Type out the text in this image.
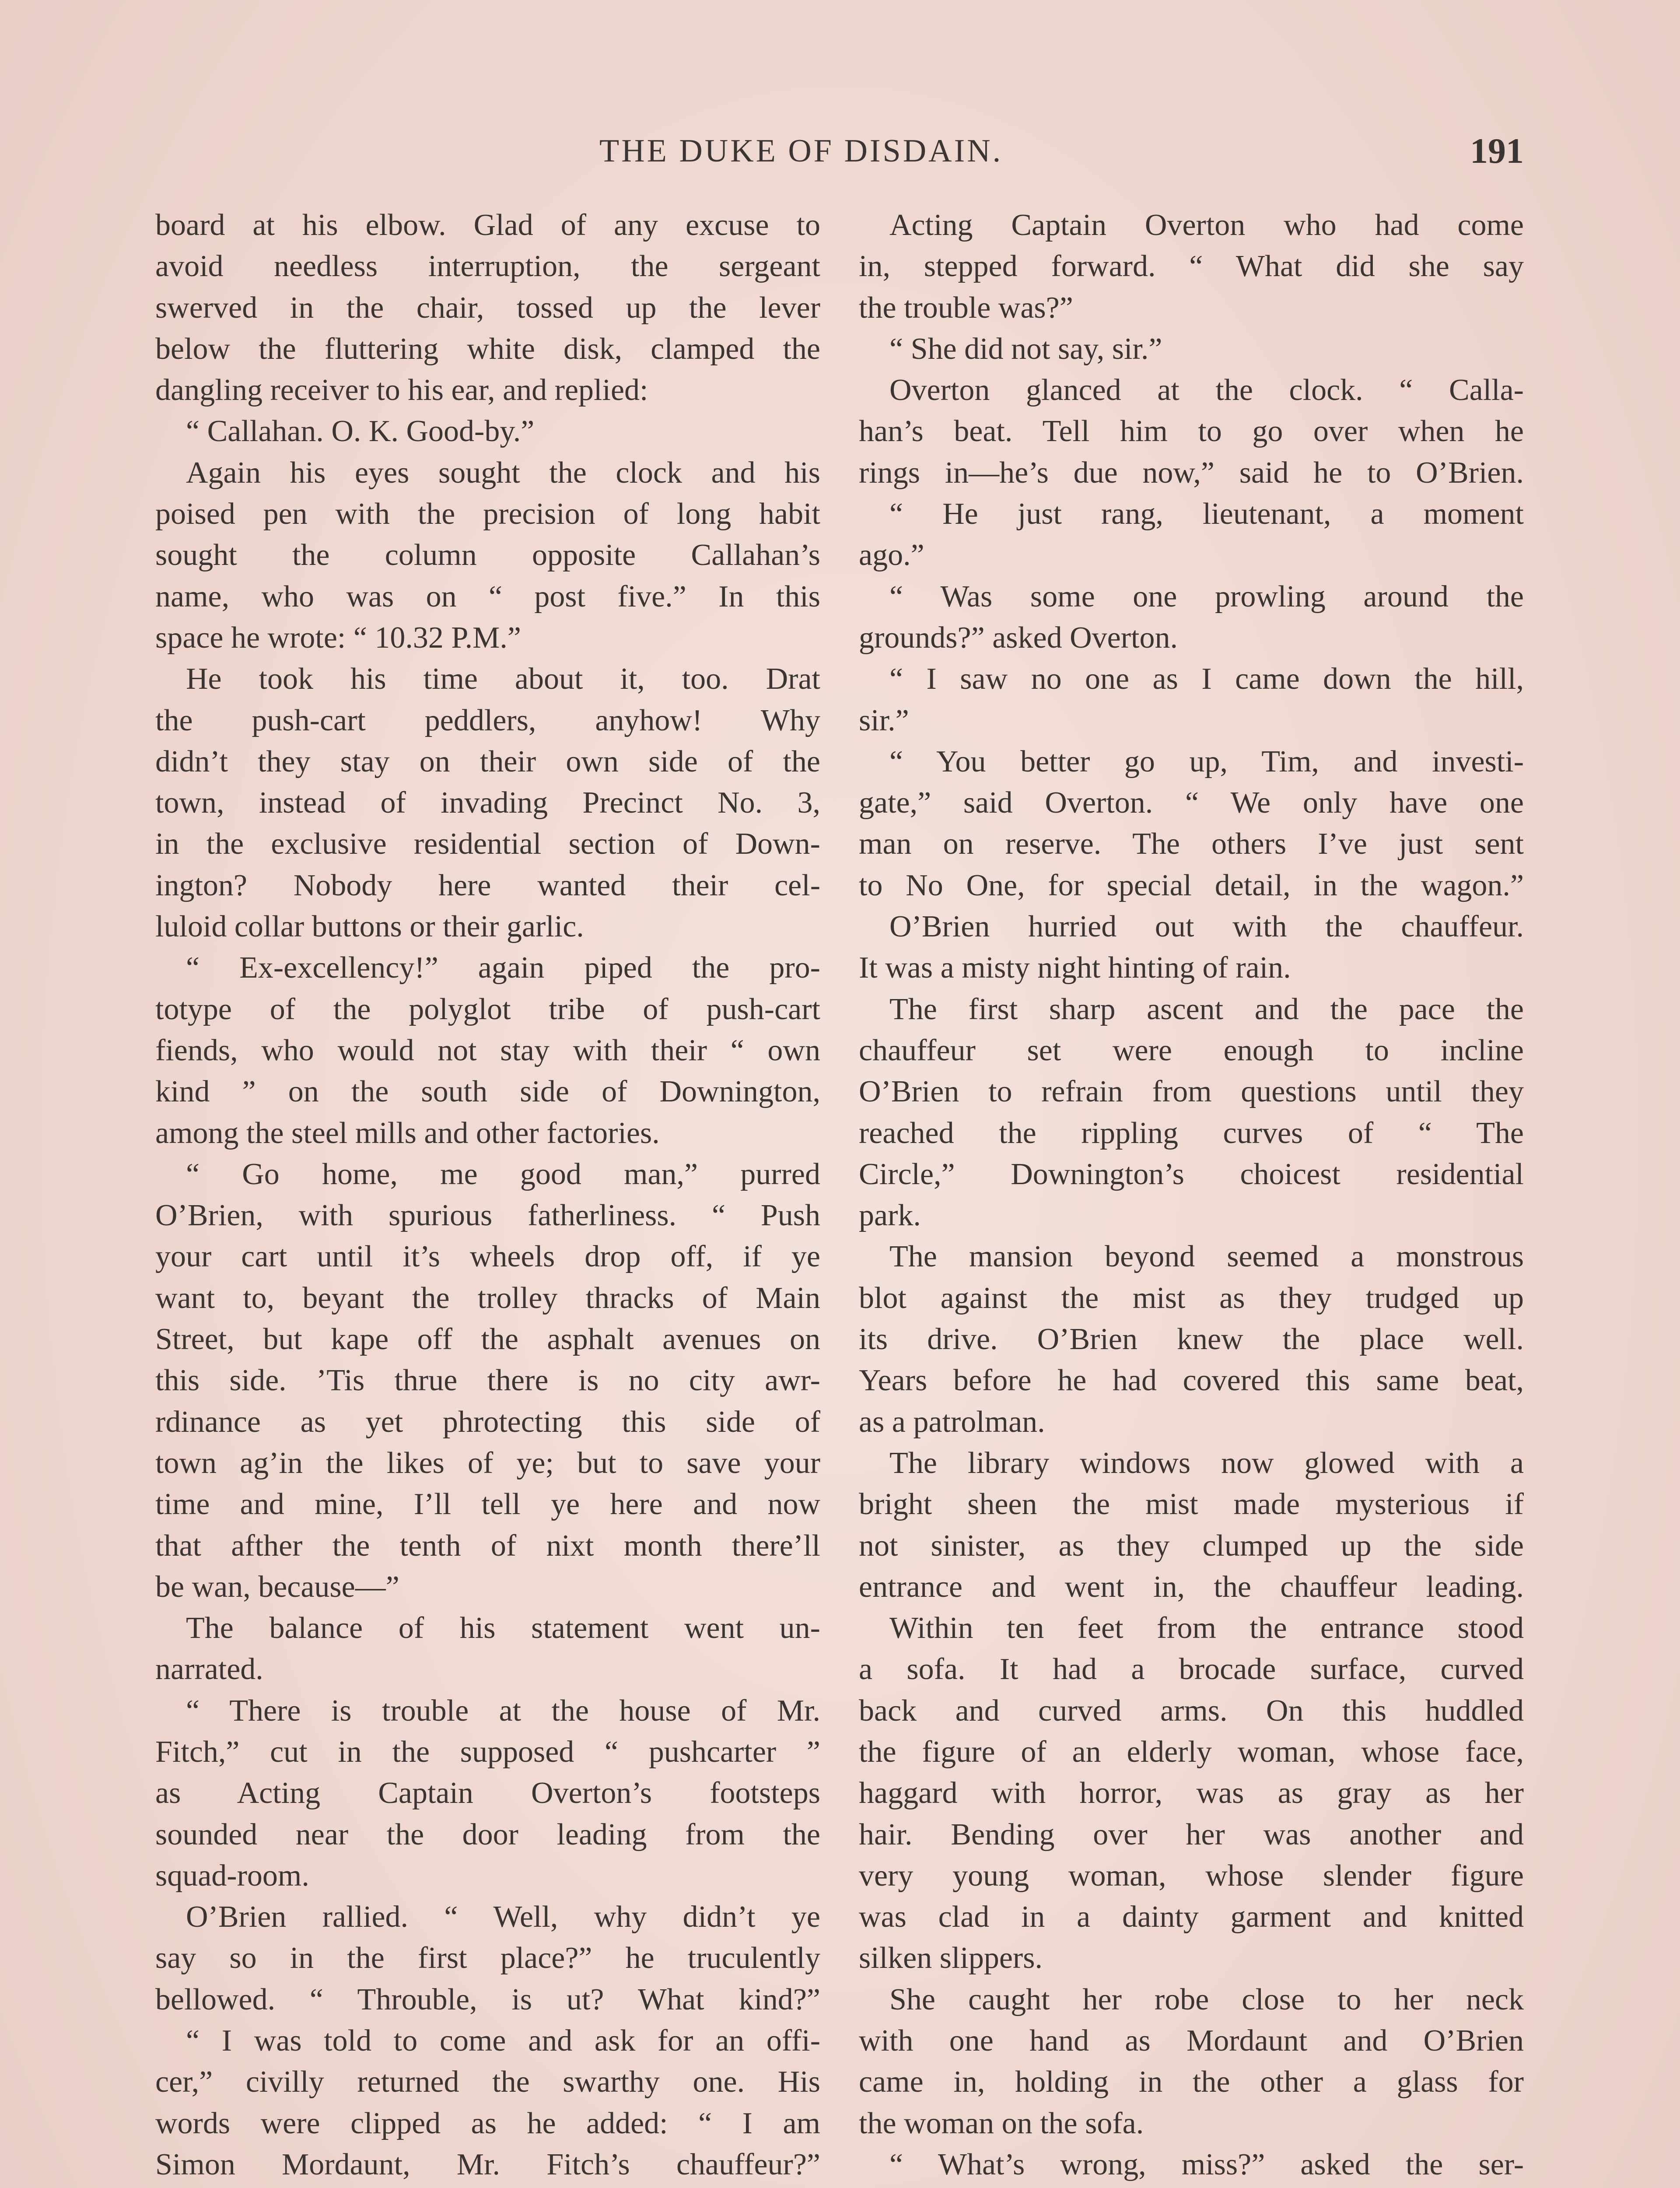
THE DUKE OF DISDAIN.	191
board at his elbow. Glad of any excuse to
avoid needless interruption, the sergeant
swerved in the chair, tossed up the lever
below the fluttering white disk, clamped the
dangling receiver to his ear, and replied:
“ Callahan. O. K. Good-by.”
Again his eyes sought the clock and his
poised pen with the precision of long habit
sought the column opposite Callahan’s
name, who was on “ post five.” In this
space he wrote: “ 10.32 P.M.”
He took his time about it, too. Drat
the push-cart peddlers, anyhow! Why
didn’t they stay on their own side of the
town, instead of invading Precinct No. 3,
in the exclusive residential section of Down-
ington? Nobody here wanted their cel-
luloid collar buttons or their garlic.
“ Ex-excellency!” again piped the pro-
totype of the polyglot tribe of push-cart
fiends, who would not stay with their “ own
kind ” on the south side of Downington,
among the steel mills and other factories.
“ Go home, me good man,” purred
O’Brien, with spurious fatherliness. “ Push
your cart until it’s wheels drop off, if ye
want to, beyant the trolley thracks of Main
Street, but kape off the asphalt avenues on
this side. ’Tis thrue there is no city awr-
rdinance as yet phrotecting this side of
town ag’in the likes of ye; but to save your
time and mine, I’ll tell ye here and now
that afther the tenth of nixt month there’ll
be wan, because—”
The balance of his statement went un-
narrated.
“ There is trouble at the house of Mr.
Fitch,” cut in the supposed “ pushcarter ”
as Acting Captain Overton’s footsteps
sounded near the door leading from the
squad-room.
O’Brien rallied. “ Well, why didn’t ye
say so in the first place?” he truculently
bellowed. “ Throuble, is ut? What kind?”
“ I was told to come and ask for an offi-
cer,” civilly returned the swarthy one. His
words were clipped as he added: “ I am
Simon Mordaunt, Mr. Fitch’s chauffeur?”
Acting Captain Overton who had come
in, stepped forward. “ What did she say
the trouble was?”
“ She did not say, sir.”
Overton glanced at the clock. “ Calla-
han’s beat. Tell him to go over when he
rings in—he’s due now,” said he to O’Brien.
“ He just rang, lieutenant, a moment
ago.”
“ Was some one prowling around the
grounds?” asked Overton.
“ I saw no one as I came down the hill,
sir.”
“ You better go up, Tim, and investi-
gate,” said Overton. “ We only have one
man on reserve. The others I’ve just sent
to No One, for special detail, in the wagon.”
O’Brien hurried out with the chauffeur.
It was a misty night hinting of rain.
The first sharp ascent and the pace the
chauffeur set were enough to incline
O’Brien to refrain from questions until they
reached the rippling curves of “ The
Circle,” Downington’s choicest residential
park.
The mansion beyond seemed a monstrous
blot against the mist as they trudged up
its drive. O’Brien knew the place well.
Years before he had covered this same beat,
as a patrolman.
The library windows now glowed with a
bright sheen the mist made mysterious if
not sinister, as they clumped up the side
entrance and went in, the chauffeur leading.
Within ten feet from the entrance stood
a sofa. It had a brocade surface, curved
back and curved arms. On this huddled
the figure of an elderly woman, whose face,
haggard with horror, was as gray as her
hair. Bending over her was another and
very young woman, whose slender figure
was clad in a dainty garment and knitted
silken slippers.
She caught her robe close to her neck
with one hand as Mordaunt and O’Brien
came in, holding in the other a glass for
the woman on the sofa.
“ What’s wrong, miss?” asked the ser-
